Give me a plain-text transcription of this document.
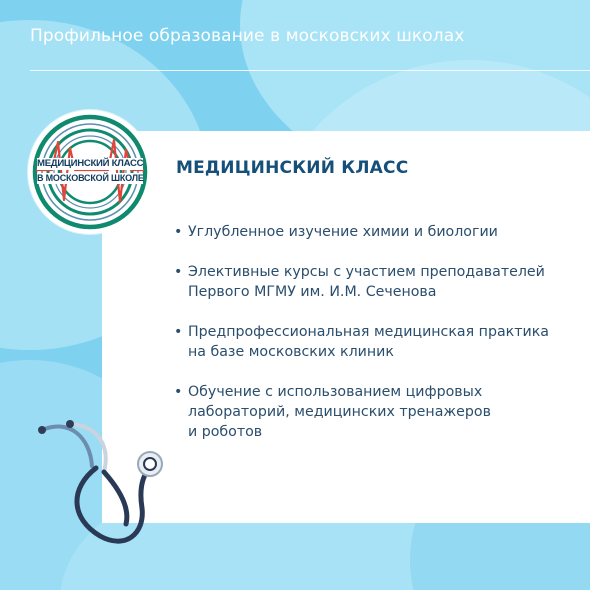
Профильное образование в московских школах
МЕДИЦИНСКИЙ КЛАСС
В МОСКОВСКОЙ ШКОЛЕ МЕДИЦИНСКИЙ КЛАСС
• Углубленное изучение химии и биологии
• Элективные курсы с участием преподавателей
Первого МГМУ им. И.М. Сеченова
• Предпрофессиональная медицинская практика
на базе московских клиник
• Обучение с использованием цифровых
лабораторий, медицинских тренажеров
и роботов
